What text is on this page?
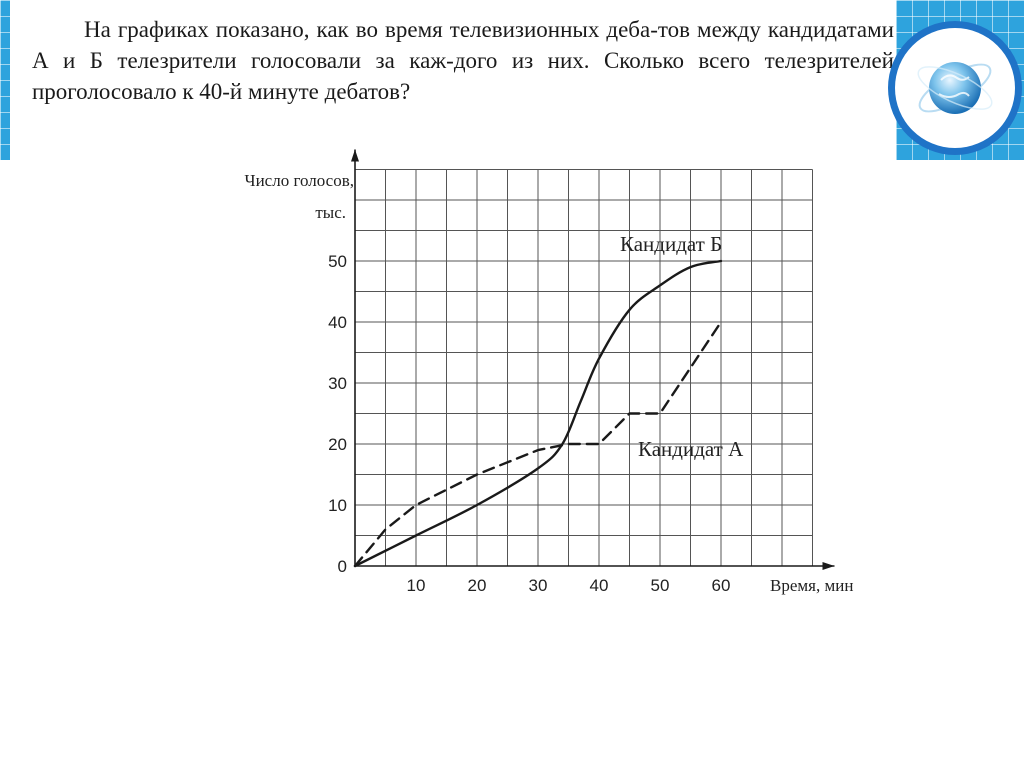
На графиках показано, как во время телевизионных деба-тов между кандидатами А и Б телезрители голосовали за каж-дого из них. Сколько всего телезрителей проголосовало к 40-й минуте дебатов?

10 20 30 40 50 60
0
10
20
30
40
50
Число голосов,
тыс.
Время, мин
Кандидат Б
Кандидат А
